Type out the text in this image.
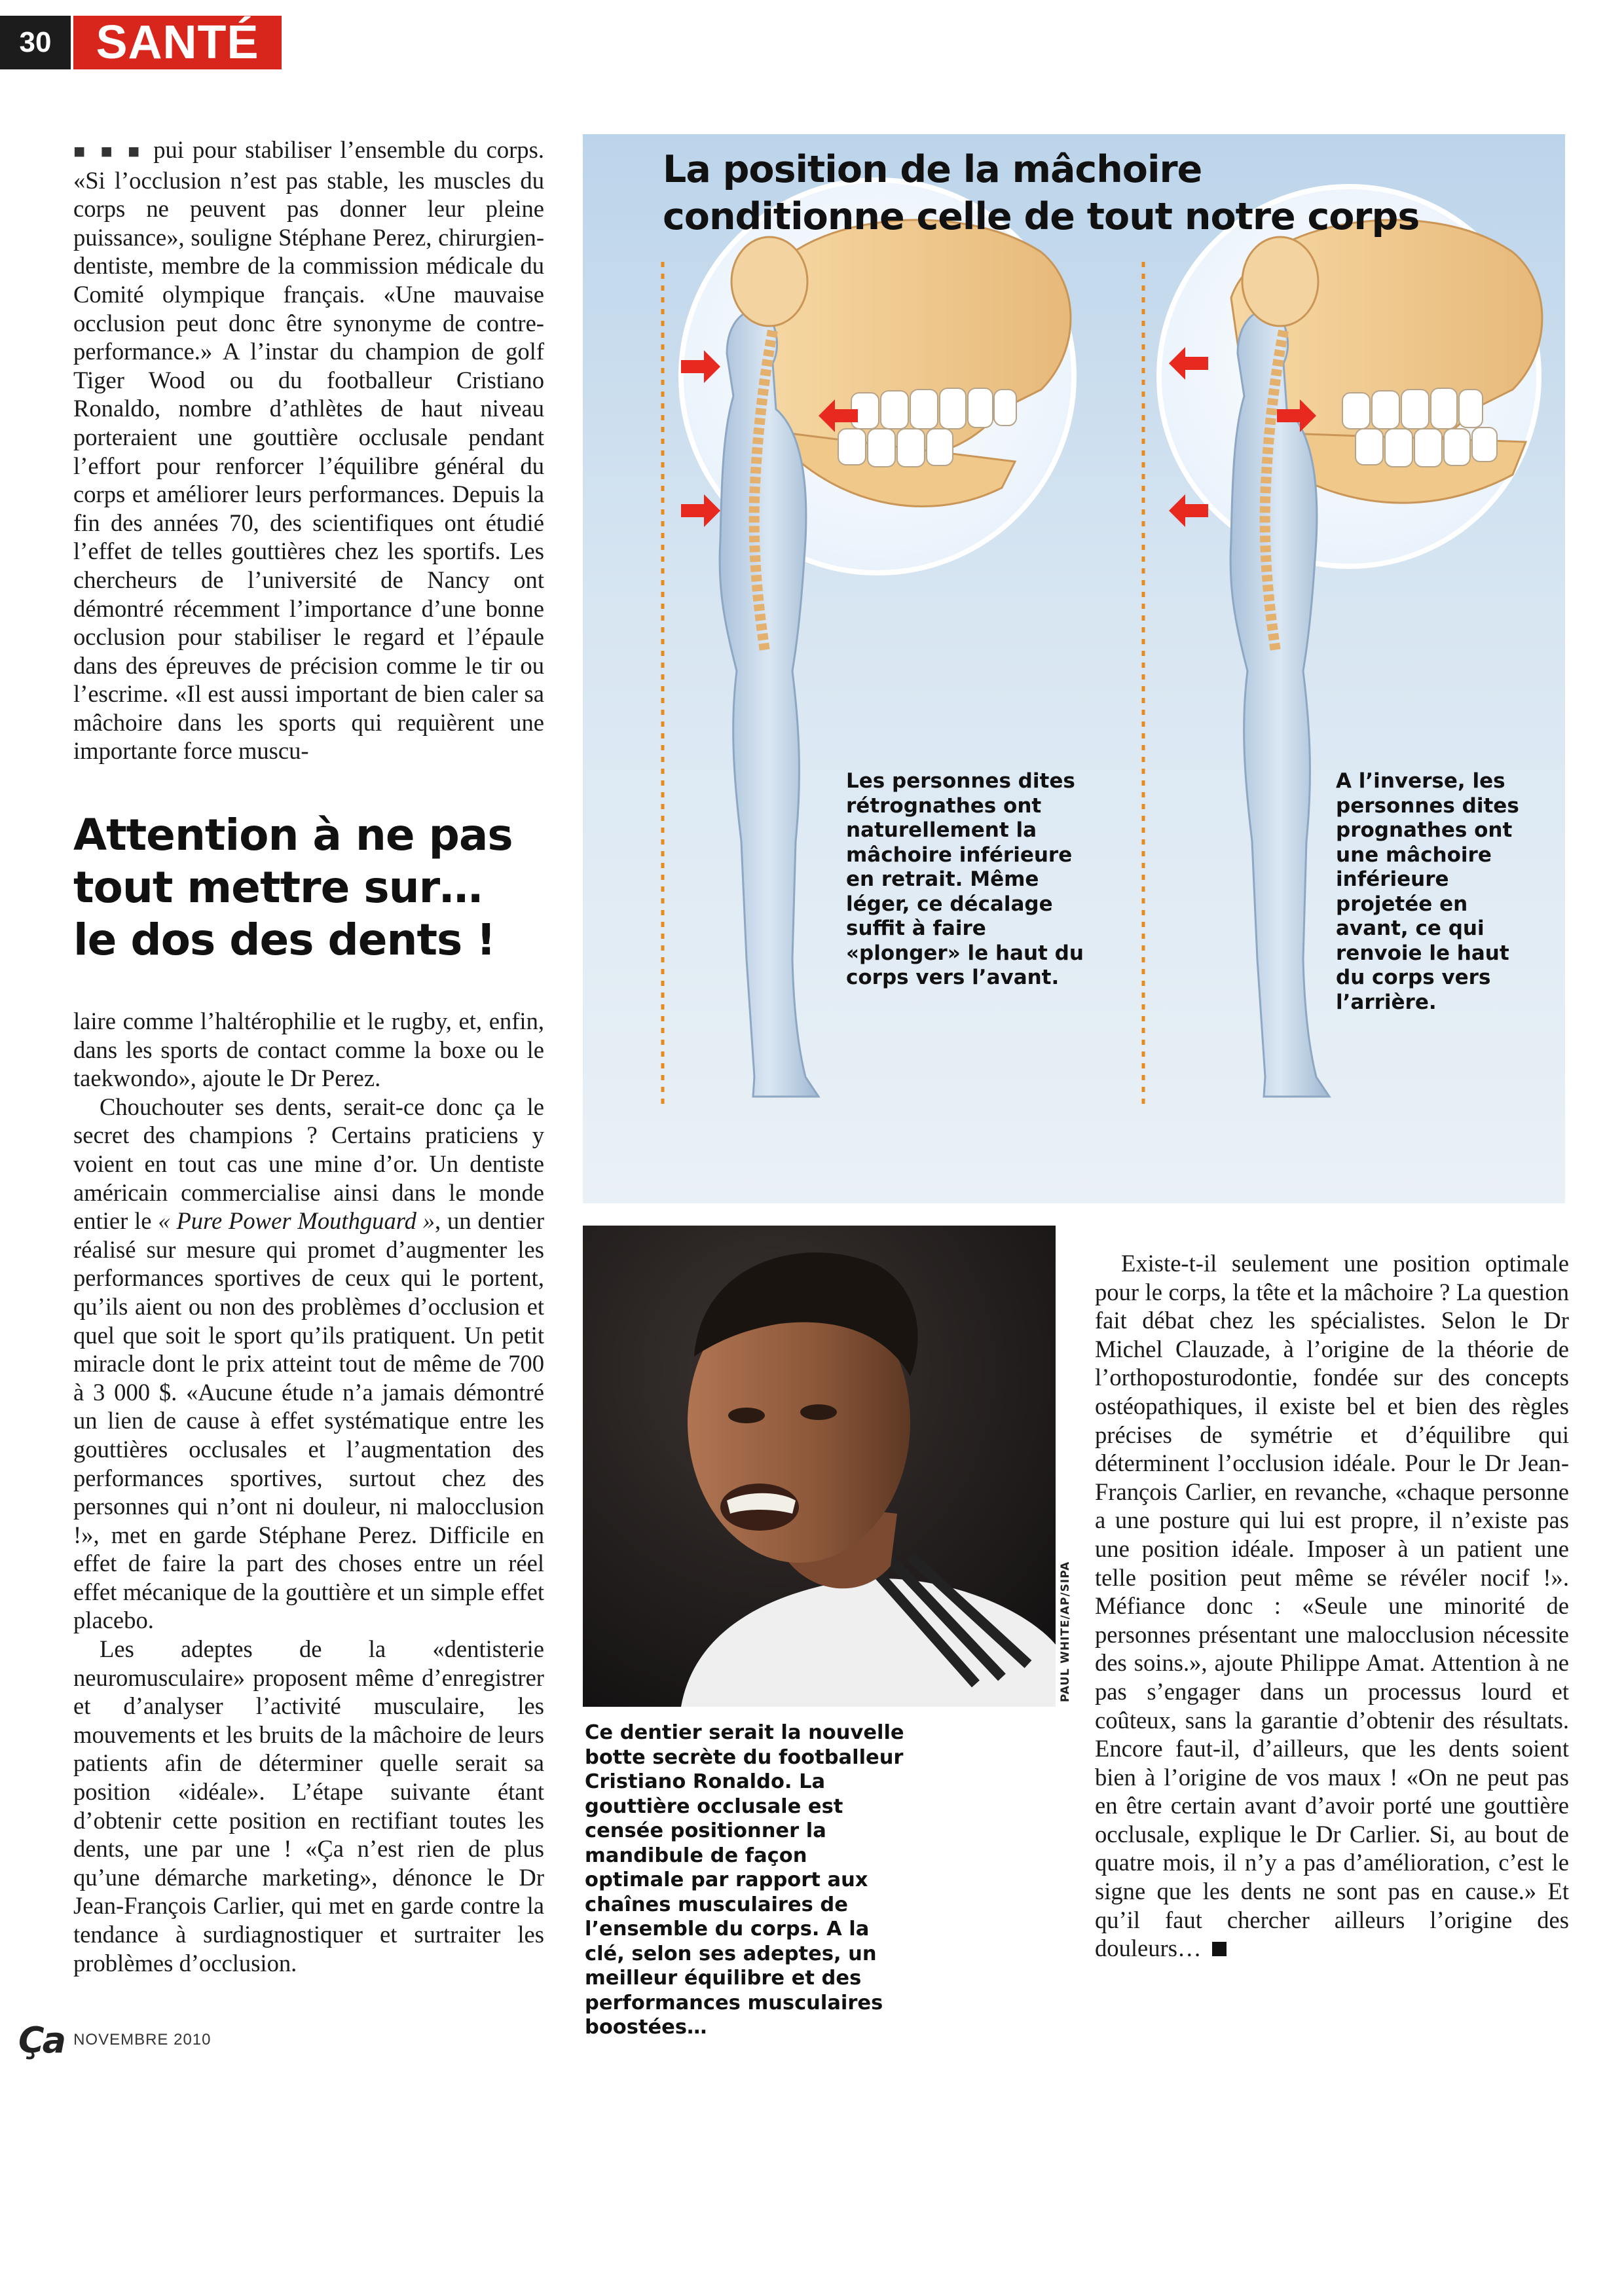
30 SANTÉ

■ ■ ■ pui pour stabiliser l’ensemble du corps. «Si l’occlusion n’est pas stable, les muscles du corps ne peuvent pas donner leur pleine puissance», souligne Stéphane Perez, chirurgien-dentiste, membre de la commission médicale du Comité olympique français. «Une mauvaise occlusion peut donc être synonyme de contre-performance.» A l’instar du champion de golf Tiger Wood ou du footballeur Cristiano Ronaldo, nombre d’athlètes de haut niveau porteraient une gouttière occlusale pendant l’effort pour renforcer l’équilibre général du corps et améliorer leurs performances. Depuis la fin des années 70, des scientifiques ont étudié l’effet de telles gouttières chez les sportifs. Les chercheurs de l’université de Nancy ont démontré récemment l’importance d’une bonne occlusion pour stabiliser le regard et l’épaule dans des épreuves de précision comme le tir ou l’escrime. «Il est aussi important de bien caler sa mâchoire dans les sports qui requièrent une importante force muscu-

Attention à ne pas
tout mettre sur…
le dos des dents !

laire comme l’haltérophilie et le rugby, et, enfin, dans les sports de contact comme la boxe ou le taekwondo», ajoute le Dr Perez.

Chouchouter ses dents, serait-ce donc ça le secret des champions ? Certains praticiens y voient en tout cas une mine d’or. Un dentiste américain commercialise ainsi dans le monde entier le « Pure Power Mouthguard », un dentier réalisé sur mesure qui promet d’augmenter les performances sportives de ceux qui le portent, qu’ils aient ou non des problèmes d’occlusion et quel que soit le sport qu’ils pratiquent. Un petit miracle dont le prix atteint tout de même de 700 à 3 000 $. «Aucune étude n’a jamais démontré un lien de cause à effet systématique entre les gouttières occlusales et l’augmentation des performances sportives, surtout chez des personnes qui n’ont ni douleur, ni malocclusion !», met en garde Stéphane Perez. Difficile en effet de faire la part des choses entre un réel effet mécanique de la gouttière et un simple effet placebo.

Les adeptes de la «dentisterie neuromusculaire» proposent même d’enregistrer et d’analyser l’activité musculaire, les mouvements et les bruits de la mâchoire de leurs patients afin de déterminer quelle serait sa position «idéale». L’étape suivante étant d’obtenir cette position en rectifiant toutes les dents, une par une ! «Ça n’est rien de plus qu’une démarche marketing», dénonce le Dr Jean-François Carlier, qui met en garde contre la tendance à surdiagnostiquer et surtraiter les problèmes d’occlusion.

La position de la mâchoire
conditionne celle de tout notre corps
Les personnes dites rétrognathes ont naturellement la mâchoire inférieure en retrait. Même léger, ce décalage suffit à faire «plonger» le haut du corps vers l’avant.
A l’inverse, les personnes dites prognathes ont une mâchoire inférieure projetée en avant, ce qui renvoie le haut du corps vers l’arrière.
PAUL WHITE/AP/SIPA
Ce dentier serait la nouvelle botte secrète du footballeur Cristiano Ronaldo. La gouttière occlusale est censée positionner la mandibule de façon optimale par rapport aux chaînes musculaires de l’ensemble du corps. A la clé, selon ses adeptes, un meilleur équilibre et des performances musculaires boostées…

Existe-t-il seulement une position optimale pour le corps, la tête et la mâchoire ? La question fait débat chez les spécialistes. Selon le Dr Michel Clauzade, à l’origine de la théorie de l’orthoposturodontie, fondée sur des concepts ostéopathiques, il existe bel et bien des règles précises de symétrie et d’équilibre qui déterminent l’occlusion idéale. Pour le Dr Jean-François Carlier, en revanche, «chaque personne a une posture qui lui est propre, il n’existe pas une position idéale. Imposer à un patient une telle position peut même se révéler nocif !». Méfiance donc : «Seule une minorité de personnes présentant une malocclusion nécessite des soins.», ajoute Philippe Amat. Attention à ne pas s’engager dans un processus lourd et coûteux, sans la garantie d’obtenir des résultats. Encore faut-il, d’ailleurs, que les dents soient bien à l’origine de vos maux ! «On ne peut pas en être certain avant d’avoir porté une gouttière occlusale, explique le Dr Carlier. Si, au bout de quatre mois, il n’y a pas d’amélioration, c’est le signe que les dents ne sont pas en cause.» Et qu’il faut chercher ailleurs l’origine des douleurs…

Ça NOVEMBRE 2010
